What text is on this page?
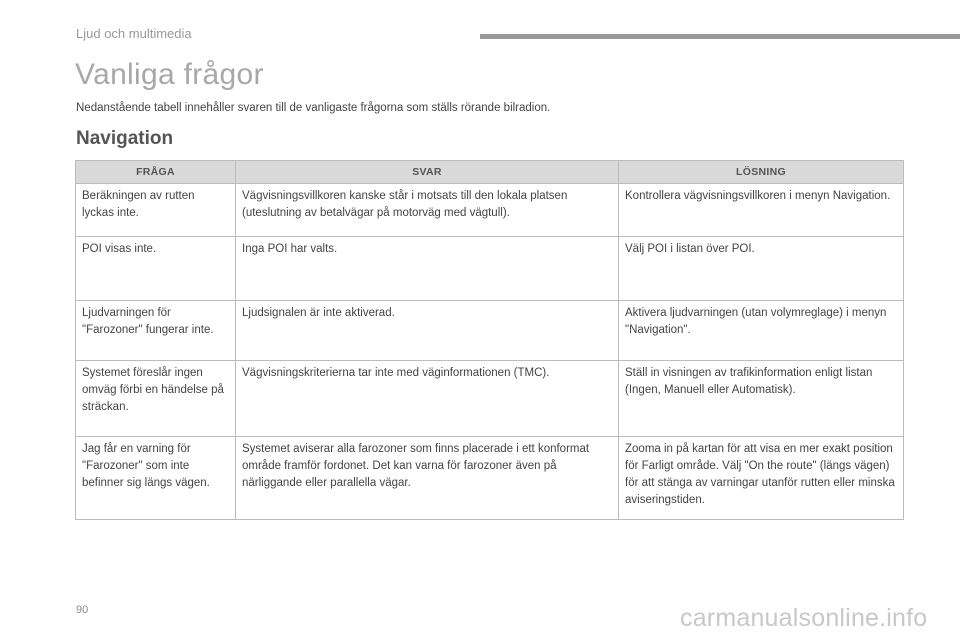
Ljud och multimedia
Vanliga frågor
Nedanstående tabell innehåller svaren till de vanligaste frågorna som ställs rörande bilradion.
Navigation
FRÅGA	SVAR	LÖSNING
Beräkningen av rutten lyckas inte.	Vägvisningsvillkoren kanske står i motsats till den lokala platsen (uteslutning av betalvägar på motorväg med vägtull).	Kontrollera vägvisningsvillkoren i menyn Navigation.
POI visas inte.	Inga POI har valts.	Välj POI i listan över POI.
Ljudvarningen för "Farozoner" fungerar inte.	Ljudsignalen är inte aktiverad.	Aktivera ljudvarningen (utan volymreglage) i menyn "Navigation".
Systemet föreslår ingen omväg förbi en händelse på sträckan.	Vägvisningskriterierna tar inte med väginformationen (TMC).	Ställ in visningen av trafikinformation enligt listan (Ingen, Manuell eller Automatisk).
Jag får en varning för "Farozoner" som inte befinner sig längs vägen.	Systemet aviserar alla farozoner som finns placerade i ett konformat område framför fordonet. Det kan varna för farozoner även på närliggande eller parallella vägar.	Zooma in på kartan för att visa en mer exakt position för Farligt område. Välj "On the route" (längs vägen) för att stänga av varningar utanför rutten eller minska aviseringstiden.
90	carmanualsonline.info
